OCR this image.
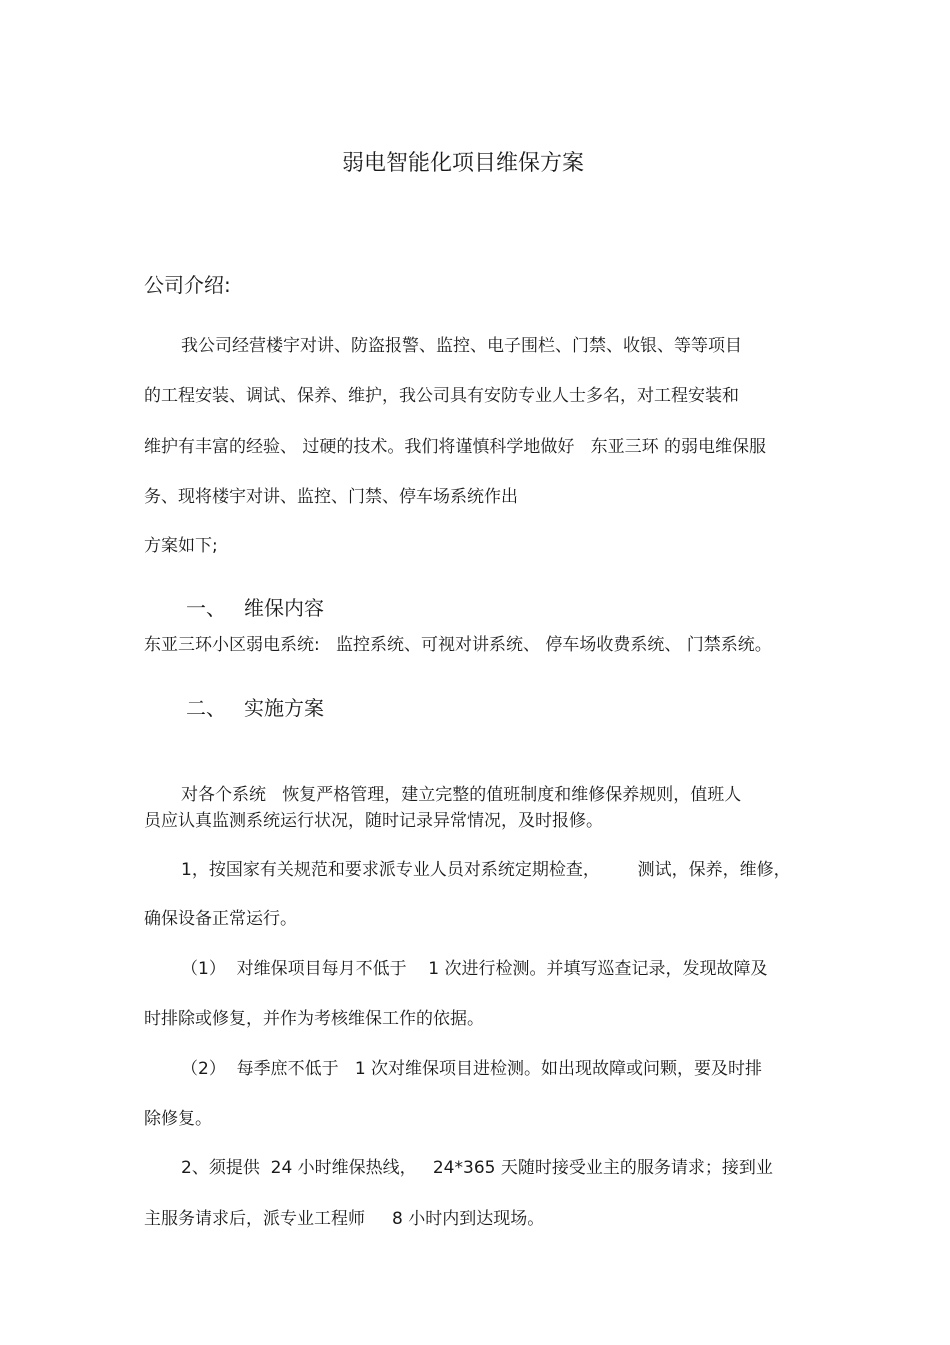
弱电智能化项目维保方案
公司介绍:
我公司经营楼宇对讲、防盗报警、监控、电子围栏、门禁、收银、等等项目
的工程安装、调试、保养、维护，我公司具有安防专业人士多名，对工程安装和
维护有丰富的经验、 过硬的技术。我们将谨慎科学地做好   东亚三环 的弱电维保服
务、现将楼宇对讲、监控、门禁、停车场系统作出
方案如下;
一、 维保内容
东亚三环小区弱电系统:   监控系统、可视对讲系统、 停车场收费系统、 门禁系统。
二、 实施方案
对各个系统   恢复严格管理，建立完整的值班制度和维修保养规则，值班人
员应认真监测系统运行状况，随时记录异常情况，及时报修。
1，按国家有关规范和要求派专业人员对系统定期检查，       测试，保养，维修，
确保设备正常运行。
（1）  对维保项目每月不低于    1 次进行检测。并填写巡查记录，发现故障及
时排除或修复，并作为考核维保工作的依据。
（2）  每季庶不低于   1 次对维保项目进检测。如出现故障或问颗，要及时排
除修复。
2、须提供  24 小时维保热线，   24*365 天随时接受业主的服务请求；接到业
主服务请求后，派专业工程师     8 小时内到达现场。
